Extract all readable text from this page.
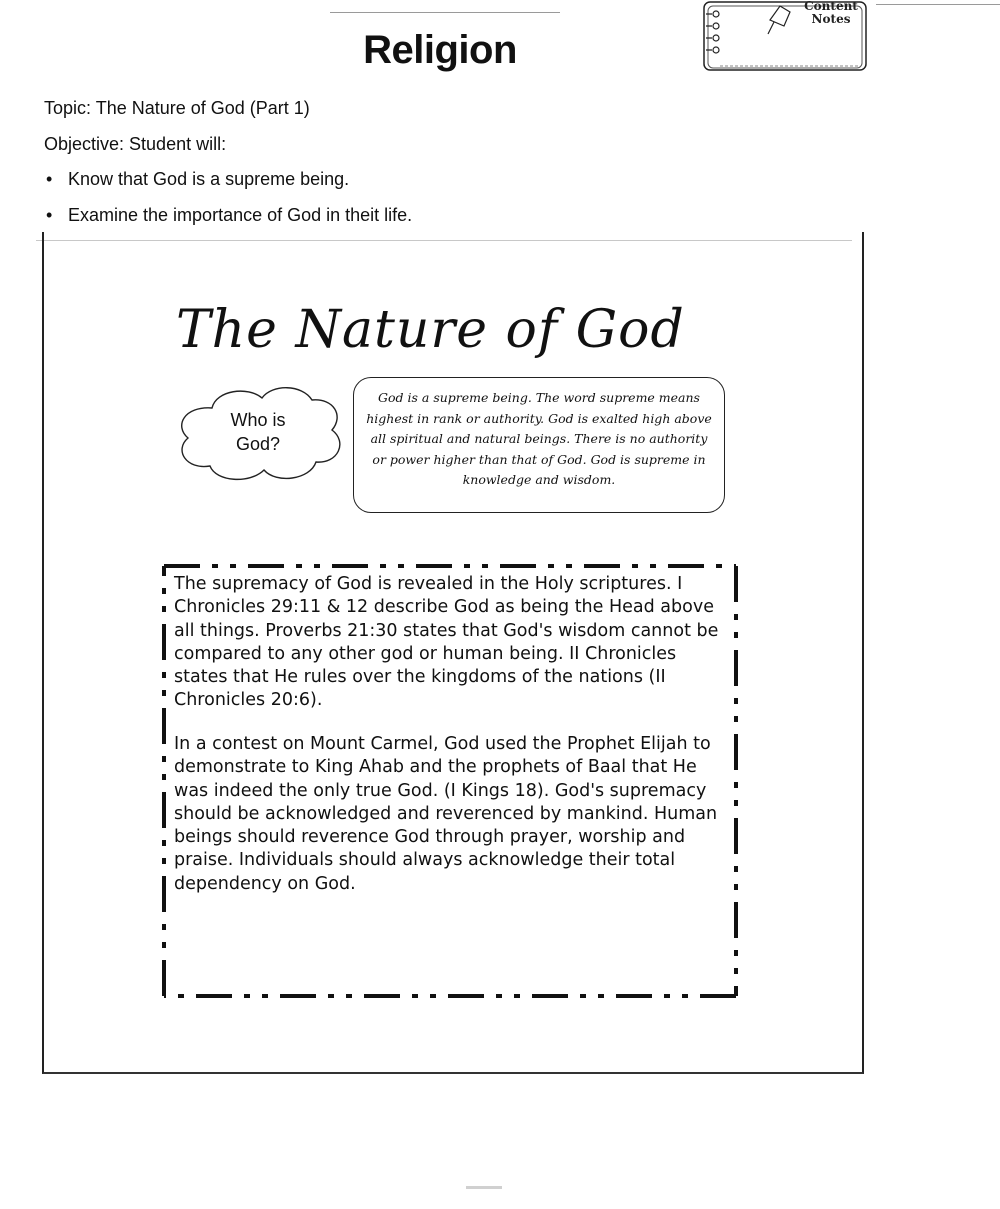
Religion
Content
Notes
Topic: The Nature of God (Part 1)
Objective: Student will:
• Know that God is a supreme being.
• Examine the importance of God in theit life.
The Nature of God
Who is
God?
God is a supreme being. The word supreme means highest in rank or authority. God is exalted high above all spiritual and natural beings. There is no authority or power higher than that of God. God is supreme in knowledge and wisdom.
The supremacy of God is revealed in the Holy scriptures. I Chronicles 29:11 & 12 describe God as being the Head above all things. Proverbs 21:30 states that God's wisdom cannot be compared to any other god or human being. II Chronicles states that He rules over the kingdoms of the nations (II Chronicles 20:6).
In a contest on Mount Carmel, God used the Prophet Elijah to demonstrate to King Ahab and the prophets of Baal that He was indeed the only true God. (I Kings 18). God's supremacy should be acknowledged and reverenced by mankind. Human beings should reverence God through prayer, worship and praise. Individuals should always acknowledge their total dependency on God.
